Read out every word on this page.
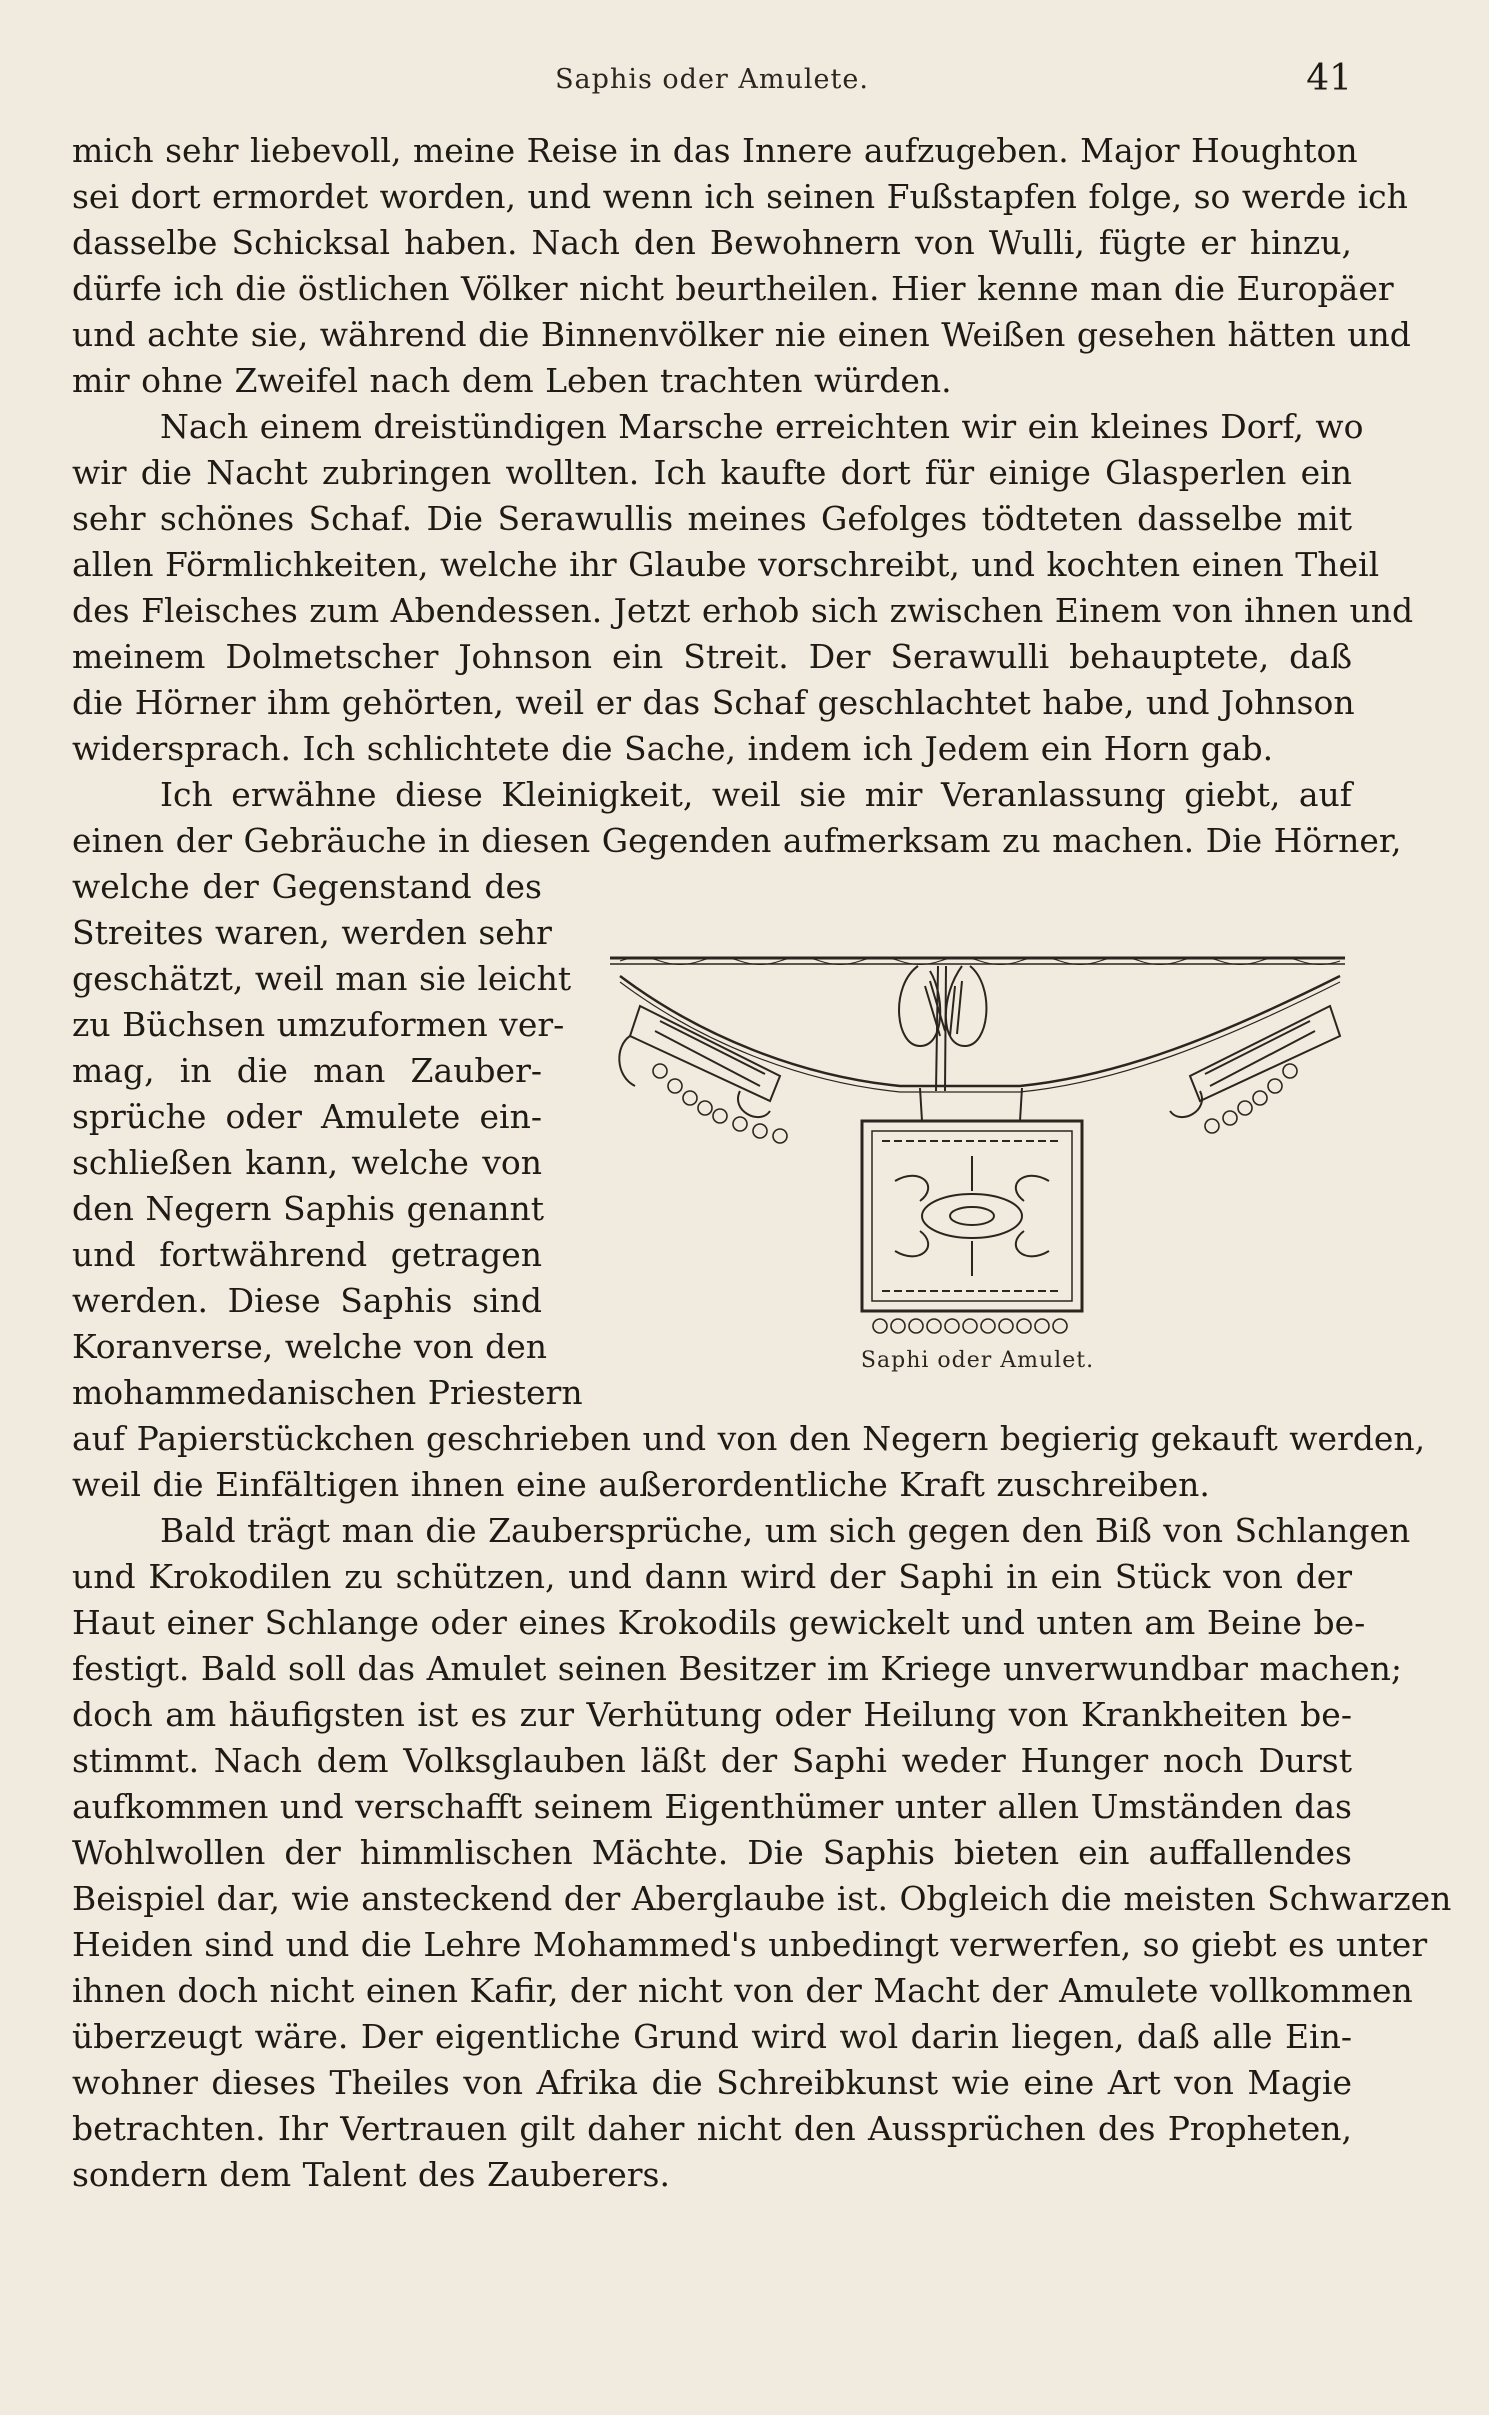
Saphis oder Amulete.	41
mich sehr liebevoll, meine Reise in das Innere aufzugeben. Major Houghton
sei dort ermordet worden, und wenn ich seinen Fußstapfen folge, so werde ich
dasselbe Schicksal haben. Nach den Bewohnern von Wulli, fügte er hinzu,
dürfe ich die östlichen Völker nicht beurtheilen. Hier kenne man die Europäer
und achte sie, während die Binnenvölker nie einen Weißen gesehen hätten und
mir ohne Zweifel nach dem Leben trachten würden.
Nach einem dreistündigen Marsche erreichten wir ein kleines Dorf, wo
wir die Nacht zubringen wollten. Ich kaufte dort für einige Glasperlen ein
sehr schönes Schaf. Die Serawullis meines Gefolges tödteten dasselbe mit
allen Förmlichkeiten, welche ihr Glaube vorschreibt, und kochten einen Theil
des Fleisches zum Abendessen. Jetzt erhob sich zwischen Einem von ihnen und
meinem Dolmetscher Johnson ein Streit. Der Serawulli behauptete, daß
die Hörner ihm gehörten, weil er das Schaf geschlachtet habe, und Johnson
widersprach. Ich schlichtete die Sache, indem ich Jedem ein Horn gab.
Ich erwähne diese Kleinigkeit, weil sie mir Veranlassung giebt, auf
einen der Gebräuche in diesen Gegenden aufmerksam zu machen. Die Hörner,
welche der Gegenstand des
Streites waren, werden sehr
geschätzt, weil man sie leicht
zu Büchsen umzuformen ver-
mag, in die man Zauber-
sprüche oder Amulete ein-
schließen kann, welche von
den Negern Saphis genannt
und fortwährend getragen
werden. Diese Saphis sind
Koranverse, welche von den
mohammedanischen Priestern
auf Papierstückchen geschrieben und von den Negern begierig gekauft werden,
weil die Einfältigen ihnen eine außerordentliche Kraft zuschreiben.
Bald trägt man die Zaubersprüche, um sich gegen den Biß von Schlangen
und Krokodilen zu schützen, und dann wird der Saphi in ein Stück von der
Haut einer Schlange oder eines Krokodils gewickelt und unten am Beine be-
festigt. Bald soll das Amulet seinen Besitzer im Kriege unverwundbar machen;
doch am häufigsten ist es zur Verhütung oder Heilung von Krankheiten be-
stimmt. Nach dem Volksglauben läßt der Saphi weder Hunger noch Durst
aufkommen und verschafft seinem Eigenthümer unter allen Umständen das
Wohlwollen der himmlischen Mächte. Die Saphis bieten ein auffallendes
Beispiel dar, wie ansteckend der Aberglaube ist. Obgleich die meisten Schwarzen
Heiden sind und die Lehre Mohammed's unbedingt verwerfen, so giebt es unter
ihnen doch nicht einen Kafir, der nicht von der Macht der Amulete vollkommen
überzeugt wäre. Der eigentliche Grund wird wol darin liegen, daß alle Ein-
wohner dieses Theiles von Afrika die Schreibkunst wie eine Art von Magie
betrachten. Ihr Vertrauen gilt daher nicht den Aussprüchen des Propheten,
sondern dem Talent des Zauberers.
Saphi oder Amulet.
